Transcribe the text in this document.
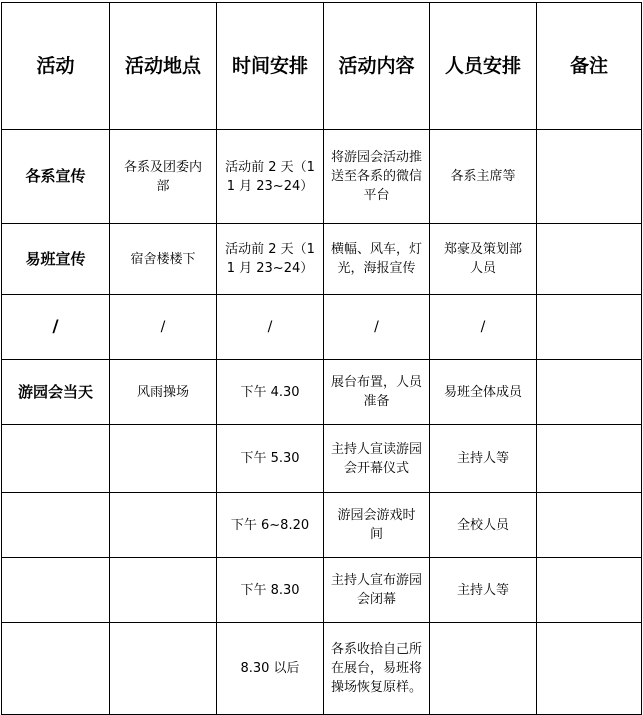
活动	活动地点	时间安排	活动内容	人员安排	备注
各系宣传	各系及团委内部	活动前 2 天（11 月 23~24）	将游园会活动推送至各系的微信平台	各系主席等	
易班宣传	宿舍楼楼下	活动前 2 天（11 月 23~24）	横幅、风车，灯光，海报宣传	郑豪及策划部人员	
/	/	/	/	/	
游园会当天	风雨操场	下午 4.30	展台布置，人员准备	易班全体成员	
		下午 5.30	主持人宣读游园会开幕仪式	主持人等	
		下午 6~8.20	游园会游戏时间	全校人员	
		下午 8.30	主持人宣布游园会闭幕	主持人等	
		8.30 以后	各系收拾自己所在展台，易班将操场恢复原样。		
